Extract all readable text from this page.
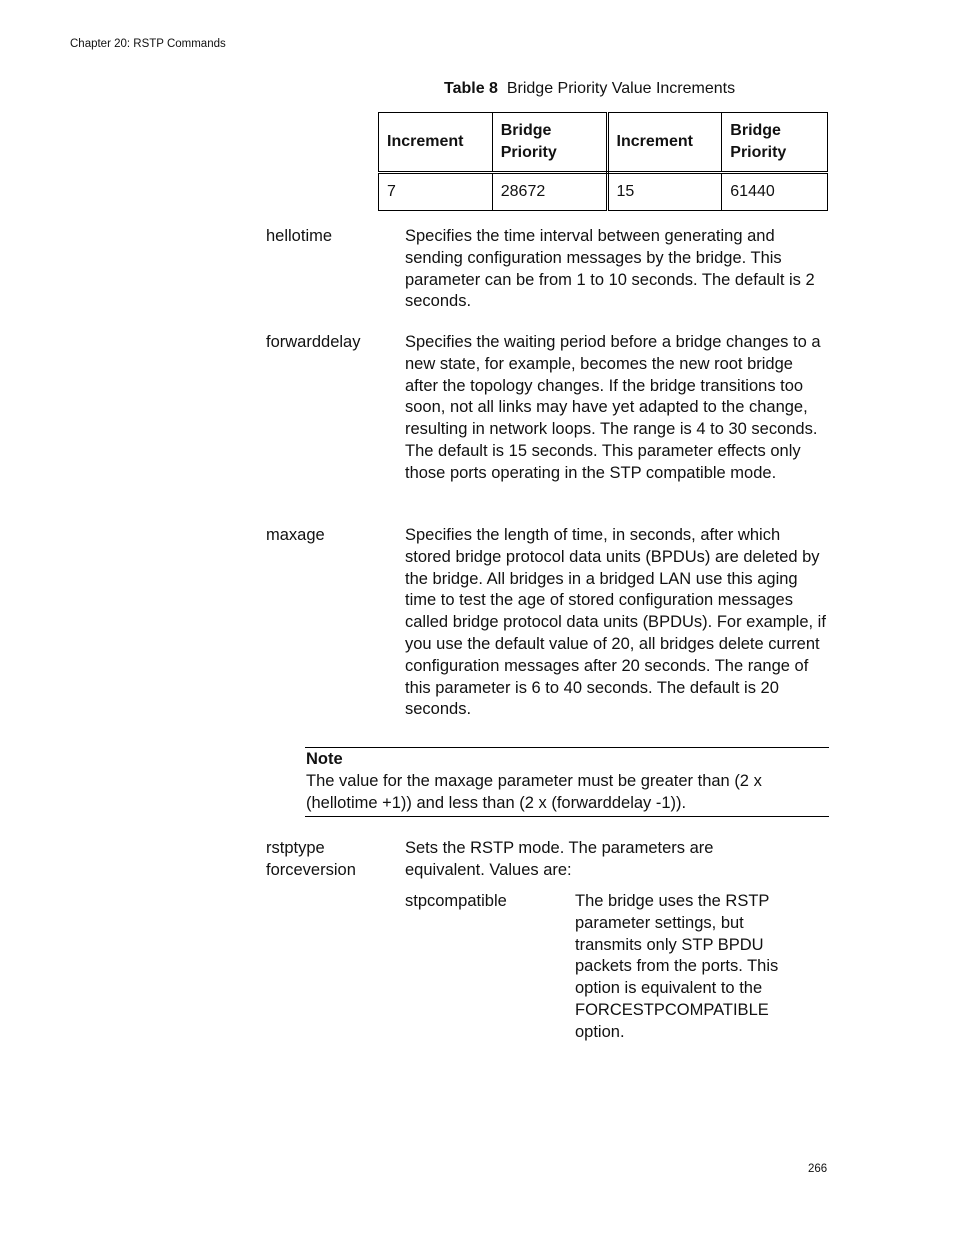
Chapter 20: RSTP Commands
Table 8 Bridge Priority Value Increments
Increment	Bridge Priority	Increment	Bridge Priority
7	28672	15	61440
hellotime	Specifies the time interval between generating and sending configuration messages by the bridge. This parameter can be from 1 to 10 seconds. The default is 2 seconds.
forwarddelay	Specifies the waiting period before a bridge changes to a new state, for example, becomes the new root bridge after the topology changes. If the bridge transitions too soon, not all links may have yet adapted to the change, resulting in network loops. The range is 4 to 30 seconds. The default is 15 seconds. This parameter effects only those ports operating in the STP compatible mode.
maxage	Specifies the length of time, in seconds, after which stored bridge protocol data units (BPDUs) are deleted by the bridge. All bridges in a bridged LAN use this aging time to test the age of stored configuration messages called bridge protocol data units (BPDUs). For example, if you use the default value of 20, all bridges delete current configuration messages after 20 seconds. The range of this parameter is 6 to 40 seconds. The default is 20 seconds.
Note
The value for the maxage parameter must be greater than (2 x (hellotime +1)) and less than (2 x (forwarddelay -1)).
rstptype
forceversion
Sets the RSTP mode. The parameters are equivalent. Values are:
stpcompatible	The bridge uses the RSTP parameter settings, but transmits only STP BPDU packets from the ports. This option is equivalent to the FORCESTPCOMPATIBLE option.
266
